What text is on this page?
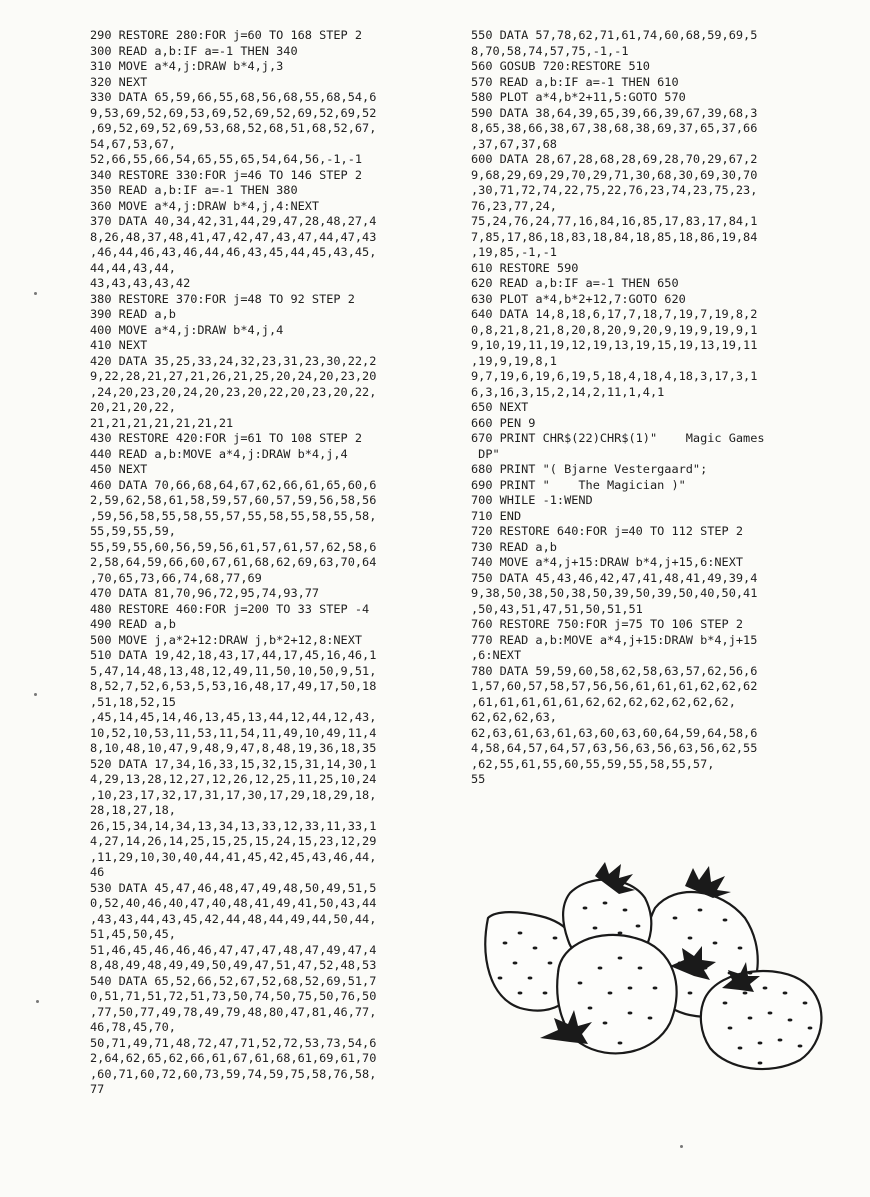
290 RESTORE 280:FOR j=60 TO 168 STEP 2
300 READ a,b:IF a=-1 THEN 340
310 MOVE a*4,j:DRAW b*4,j,3
320 NEXT
330 DATA 65,59,66,55,68,56,68,55,68,54,6
9,53,69,52,69,53,69,52,69,52,69,52,69,52
,69,52,69,52,69,53,68,52,68,51,68,52,67,
54,67,53,67,
52,66,55,66,54,65,55,65,54,64,56,-1,-1
340 RESTORE 330:FOR j=46 TO 146 STEP 2
350 READ a,b:IF a=-1 THEN 380
360 MOVE a*4,j:DRAW b*4,j,4:NEXT
370 DATA 40,34,42,31,44,29,47,28,48,27,4
8,26,48,37,48,41,47,42,47,43,47,44,47,43
,46,44,46,43,46,44,46,43,45,44,45,43,45,
44,44,43,44,
43,43,43,43,42
380 RESTORE 370:FOR j=48 TO 92 STEP 2
390 READ a,b
400 MOVE a*4,j:DRAW b*4,j,4
410 NEXT
420 DATA 35,25,33,24,32,23,31,23,30,22,2
9,22,28,21,27,21,26,21,25,20,24,20,23,20
,24,20,23,20,24,20,23,20,22,20,23,20,22,
20,21,20,22,
21,21,21,21,21,21,21
430 RESTORE 420:FOR j=61 TO 108 STEP 2
440 READ a,b:MOVE a*4,j:DRAW b*4,j,4
450 NEXT
460 DATA 70,66,68,64,67,62,66,61,65,60,6
2,59,62,58,61,58,59,57,60,57,59,56,58,56
,59,56,58,55,58,55,57,55,58,55,58,55,58,
55,59,55,59,
55,59,55,60,56,59,56,61,57,61,57,62,58,6
2,58,64,59,66,60,67,61,68,62,69,63,70,64
,70,65,73,66,74,68,77,69
470 DATA 81,70,96,72,95,74,93,77
480 RESTORE 460:FOR j=200 TO 33 STEP -4
490 READ a,b
500 MOVE j,a*2+12:DRAW j,b*2+12,8:NEXT
510 DATA 19,42,18,43,17,44,17,45,16,46,1
5,47,14,48,13,48,12,49,11,50,10,50,9,51,
8,52,7,52,6,53,5,53,16,48,17,49,17,50,18
,51,18,52,15
,45,14,45,14,46,13,45,13,44,12,44,12,43,
10,52,10,53,11,53,11,54,11,49,10,49,11,4
8,10,48,10,47,9,48,9,47,8,48,19,36,18,35
520 DATA 17,34,16,33,15,32,15,31,14,30,1
4,29,13,28,12,27,12,26,12,25,11,25,10,24
,10,23,17,32,17,31,17,30,17,29,18,29,18,
28,18,27,18,
26,15,34,14,34,13,34,13,33,12,33,11,33,1
4,27,14,26,14,25,15,25,15,24,15,23,12,29
,11,29,10,30,40,44,41,45,42,45,43,46,44,
46
530 DATA 45,47,46,48,47,49,48,50,49,51,5
0,52,40,46,40,47,40,48,41,49,41,50,43,44
,43,43,44,43,45,42,44,48,44,49,44,50,44,
51,45,50,45,
51,46,45,46,46,46,47,47,47,48,47,49,47,4
8,48,49,48,49,49,50,49,47,51,47,52,48,53
540 DATA 65,52,66,52,67,52,68,52,69,51,7
0,51,71,51,72,51,73,50,74,50,75,50,76,50
,77,50,77,49,78,49,79,48,80,47,81,46,77,
46,78,45,70,
50,71,49,71,48,72,47,71,52,72,53,73,54,6
2,64,62,65,62,66,61,67,61,68,61,69,61,70
,60,71,60,72,60,73,59,74,59,75,58,76,58,
77
550 DATA 57,78,62,71,61,74,60,68,59,69,5
8,70,58,74,57,75,-1,-1
560 GOSUB 720:RESTORE 510
570 READ a,b:IF a=-1 THEN 610
580 PLOT a*4,b*2+11,5:GOTO 570
590 DATA 38,64,39,65,39,66,39,67,39,68,3
8,65,38,66,38,67,38,68,38,69,37,65,37,66
,37,67,37,68
600 DATA 28,67,28,68,28,69,28,70,29,67,2
9,68,29,69,29,70,29,71,30,68,30,69,30,70
,30,71,72,74,22,75,22,76,23,74,23,75,23,
76,23,77,24,
75,24,76,24,77,16,84,16,85,17,83,17,84,1
7,85,17,86,18,83,18,84,18,85,18,86,19,84
,19,85,-1,-1
610 RESTORE 590
620 READ a,b:IF a=-1 THEN 650
630 PLOT a*4,b*2+12,7:GOTO 620
640 DATA 14,8,18,6,17,7,18,7,19,7,19,8,2
0,8,21,8,21,8,20,8,20,9,20,9,19,9,19,9,1
9,10,19,11,19,12,19,13,19,15,19,13,19,11
,19,9,19,8,1
9,7,19,6,19,6,19,5,18,4,18,4,18,3,17,3,1
6,3,16,3,15,2,14,2,11,1,4,1
650 NEXT
660 PEN 9
670 PRINT CHR$(22)CHR$(1)"    Magic Games
DP"
680 PRINT "( Bjarne Vestergaard";
690 PRINT "    The Magician )"
700 WHILE -1:WEND
710 END
720 RESTORE 640:FOR j=40 TO 112 STEP 2
730 READ a,b
740 MOVE a*4,j+15:DRAW b*4,j+15,6:NEXT
750 DATA 45,43,46,42,47,41,48,41,49,39,4
9,38,50,38,50,38,50,39,50,39,50,40,50,41
,50,43,51,47,51,50,51,51
760 RESTORE 750:FOR j=75 TO 106 STEP 2
770 READ a,b:MOVE a*4,j+15:DRAW b*4,j+15
,6:NEXT
780 DATA 59,59,60,58,62,58,63,57,62,56,6
1,57,60,57,58,57,56,56,61,61,61,62,62,62
,61,61,61,61,61,62,62,62,62,62,62,62,
62,62,62,63,
62,63,61,63,61,63,60,63,60,64,59,64,58,6
4,58,64,57,64,57,63,56,63,56,63,56,62,55
,62,55,61,55,60,55,59,55,58,55,57,
55
